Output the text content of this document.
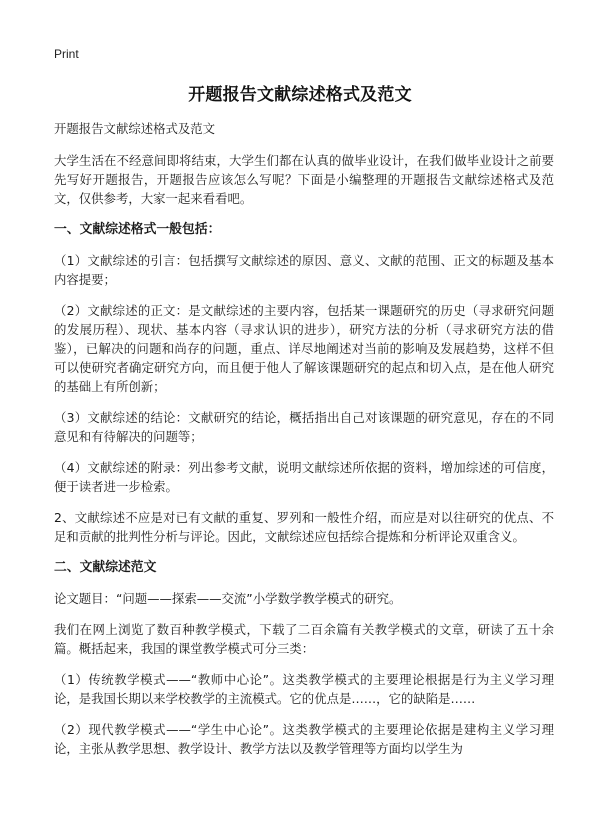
Print
开题报告文献综述格式及范文

开题报告文献综述格式及范文

大学生活在不经意间即将结束，大学生们都在认真的做毕业设计，在我们做毕业设计之前要先写好开题报告，开题报告应该怎么写呢？下面是小编整理的开题报告文献综述格式及范文，仅供参考，大家一起来看看吧。

一、文献综述格式一般包括：

（1）文献综述的引言：包括撰写文献综述的原因、意义、文献的范围、正文的标题及基本内容提要；

（2）文献综述的正文：是文献综述的主要内容，包括某一课题研究的历史（寻求研究问题的发展历程）、现状、基本内容（寻求认识的进步），研究方法的分析（寻求研究方法的借鉴），已解决的问题和尚存的问题，重点、详尽地阐述对当前的影响及发展趋势，这样不但可以使研究者确定研究方向，而且便于他人了解该课题研究的起点和切入点，是在他人研究的基础上有所创新；

（3）文献综述的结论：文献研究的结论，概括指出自己对该课题的研究意见，存在的不同意见和有待解决的问题等；

（4）文献综述的附录：列出参考文献，说明文献综述所依据的资料，增加综述的可信度，便于读者进一步检索。

2、文献综述不应是对已有文献的重复、罗列和一般性介绍，而应是对以往研究的优点、不足和贡献的批判性分析与评论。因此，文献综述应包括综合提炼和分析评论双重含义。

二、文献综述范文

论文题目：“问题——探索——交流”小学数学教学模式的研究。

我们在网上浏览了数百种教学模式，下载了二百余篇有关教学模式的文章，研读了五十余篇。概括起来，我国的课堂教学模式可分三类：

（1）传统教学模式——“教师中心论”。这类教学模式的主要理论根据是行为主义学习理论，是我国长期以来学校教学的主流模式。它的优点是……，它的缺陷是……

（2）现代教学模式——“学生中心论”。这类教学模式的主要理论依据是建构主义学习理论，主张从教学思想、教学设计、教学方法以及教学管理等方面均以学生为
